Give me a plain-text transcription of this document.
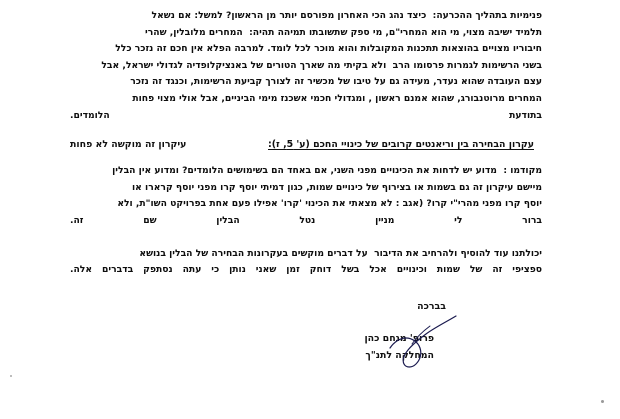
פנימיות בתהליך ההכרעה:  כיצד נהג הכי האחרון מפורסם יותר מן הראשון? למשל: אם נשאל
תלמיד ישיבה מצוי, מי הוא המחרי"ם, מי ספק שתשובתו תמיהה תהיה:  המחרים מלובלין, שהרי
חיבוריו מצויים בהוצאות תתכנות המקובלות והוא מוכר לכל לומד. למרבה הפלא אין חכם זה נזכר כלל
בשני הרשימות לגמרות פרסומו הרב  ולא בקיתי מה שארך הטורים של באנציקלופדיה לגדולי ישראל, אבל
עצם העובדה שהוא נעדר, מעידה גם על טיבו של מכשיר זה לצורך קביעת הרשימות, וכנגד זה נזכר
המחרים מרוטנבורג, שהוא אמנם ראשון , ומגדולי חכמי אשכנז מימי הביניים, אבל אולי מצוי פחות
בתודעת הלומדים.
עקרון הבחירה בין וריאנטים קרובים של כינויי החכם (ע' 5, ז):
עיקרון זה מוקשה לא פחות
מקודמו :  מדוע יש לדחות את הכינויים מפני השני, אם באחד הם בשימושים הלומדים? ומדוע אין הבלין
מיישם עיקרון זה גם בשמות או בצירוף של כינויים שמות, כגון דמיתי יוסף קרו מפני יוסף קרארו או
יוסף קרו מפני מהרי"י קרו? (אגב : לא מצאתי את הכינוי 'קרו' אפילו פעם אחת בפרויקט השו"ת, ולא
ברור לי מניין נטל הבלין שם זה.
יכולתנו עוד להוסיף ולהרחיב את הדיבור  על דברים מוקשים בעקרונות הבחירה של הבלין בנושא
ספציפי זה של שמות וכינויים אכל בשל דוחק זמן שאני נותן כי עתה נסתפק בדברים אלה.
בברכה
פרופ' מנחם כהן
המחלקה לתנ"ך
